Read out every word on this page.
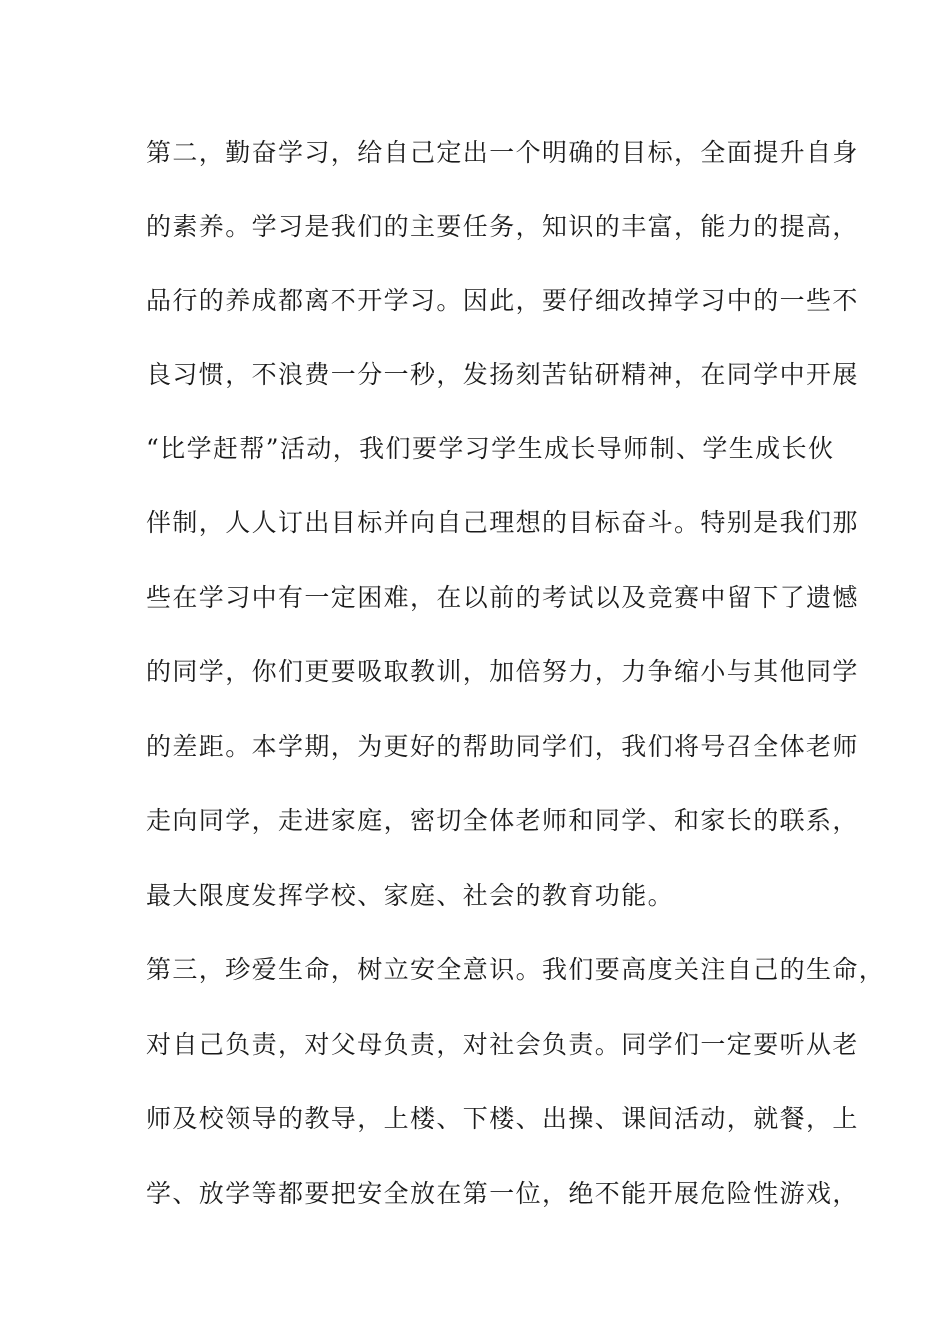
第二，勤奋学习，给自己定出一个明确的目标，全面提升自身
的素养。学习是我们的主要任务，知识的丰富，能力的提高，
品行的养成都离不开学习。因此，要仔细改掉学习中的一些不
良习惯，不浪费一分一秒，发扬刻苦钻研精神，在同学中开展
“比学赶帮”活动，我们要学习学生成长导师制、学生成长伙
伴制，人人订出目标并向自己理想的目标奋斗。特别是我们那
些在学习中有一定困难，在以前的考试以及竞赛中留下了遗憾
的同学，你们更要吸取教训，加倍努力，力争缩小与其他同学
的差距。本学期，为更好的帮助同学们，我们将号召全体老师
走向同学，走进家庭，密切全体老师和同学、和家长的联系，
最大限度发挥学校、家庭、社会的教育功能。
第三，珍爱生命，树立安全意识。我们要高度关注自己的生命，
对自己负责，对父母负责，对社会负责。同学们一定要听从老
师及校领导的教导，上楼、下楼、出操、课间活动，就餐，上
学、放学等都要把安全放在第一位，绝不能开展危险性游戏，
